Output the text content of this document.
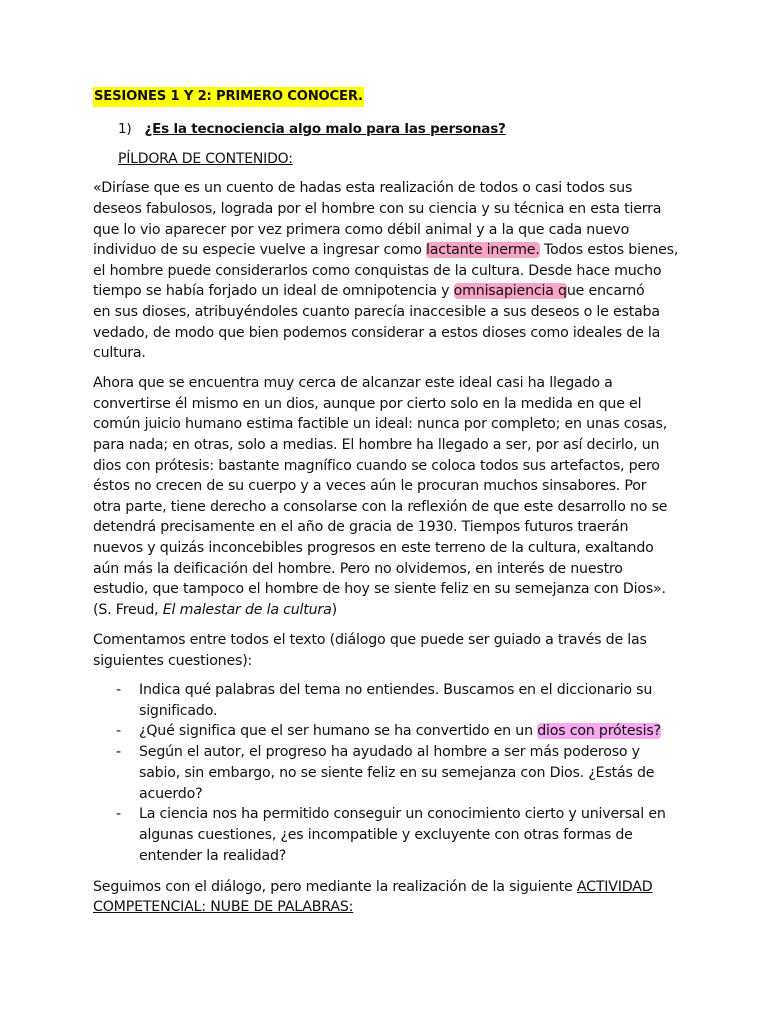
SESIONES 1 Y 2: PRIMERO CONOCER.

1) ¿Es la tecnociencia algo malo para las personas?

PÍLDORA DE CONTENIDO:

«Diríase que es un cuento de hadas esta realización de todos o casi todos sus

deseos fabulosos, lograda por el hombre con su ciencia y su técnica en esta tierra

que lo vio aparecer por vez primera como débil animal y a la que cada nuevo

individuo de su especie vuelve a ingresar como lactante inerme. Todos estos bienes,

el hombre puede considerarlos como conquistas de la cultura. Desde hace mucho

tiempo se había forjado un ideal de omnipotencia y omnisapiencia que encarnó

en sus dioses, atribuyéndoles cuanto parecía inaccesible a sus deseos o le estaba

vedado, de modo que bien podemos considerar a estos dioses como ideales de la

cultura.

Ahora que se encuentra muy cerca de alcanzar este ideal casi ha llegado a

convertirse él mismo en un dios, aunque por cierto solo en la medida en que el

común juicio humano estima factible un ideal: nunca por completo; en unas cosas,

para nada; en otras, solo a medias. El hombre ha llegado a ser, por así decirlo, un

dios con prótesis: bastante magnífico cuando se coloca todos sus artefactos, pero

éstos no crecen de su cuerpo y a veces aún le procuran muchos sinsabores. Por

otra parte, tiene derecho a consolarse con la reflexión de que este desarrollo no se

detendrá precisamente en el año de gracia de 1930. Tiempos futuros traerán

nuevos y quizás inconcebibles progresos en este terreno de la cultura, exaltando

aún más la deificación del hombre. Pero no olvidemos, en interés de nuestro

estudio, que tampoco el hombre de hoy se siente feliz en su semejanza con Dios».

(S. Freud, El malestar de la cultura)

Comentamos entre todos el texto (diálogo que puede ser guiado a través de las

siguientes cuestiones):

- Indica qué palabras del tema no entiendes. Buscamos en el diccionario su
significado.
- ¿Qué significa que el ser humano se ha convertido en un dios con prótesis?
- Según el autor, el progreso ha ayudado al hombre a ser más poderoso y
sabio, sin embargo, no se siente feliz en su semejanza con Dios. ¿Estás de
acuerdo?
- La ciencia nos ha permitido conseguir un conocimiento cierto y universal en
algunas cuestiones, ¿es incompatible y excluyente con otras formas de
entender la realidad?

Seguimos con el diálogo, pero mediante la realización de la siguiente ACTIVIDAD

COMPETENCIAL: NUBE DE PALABRAS:
